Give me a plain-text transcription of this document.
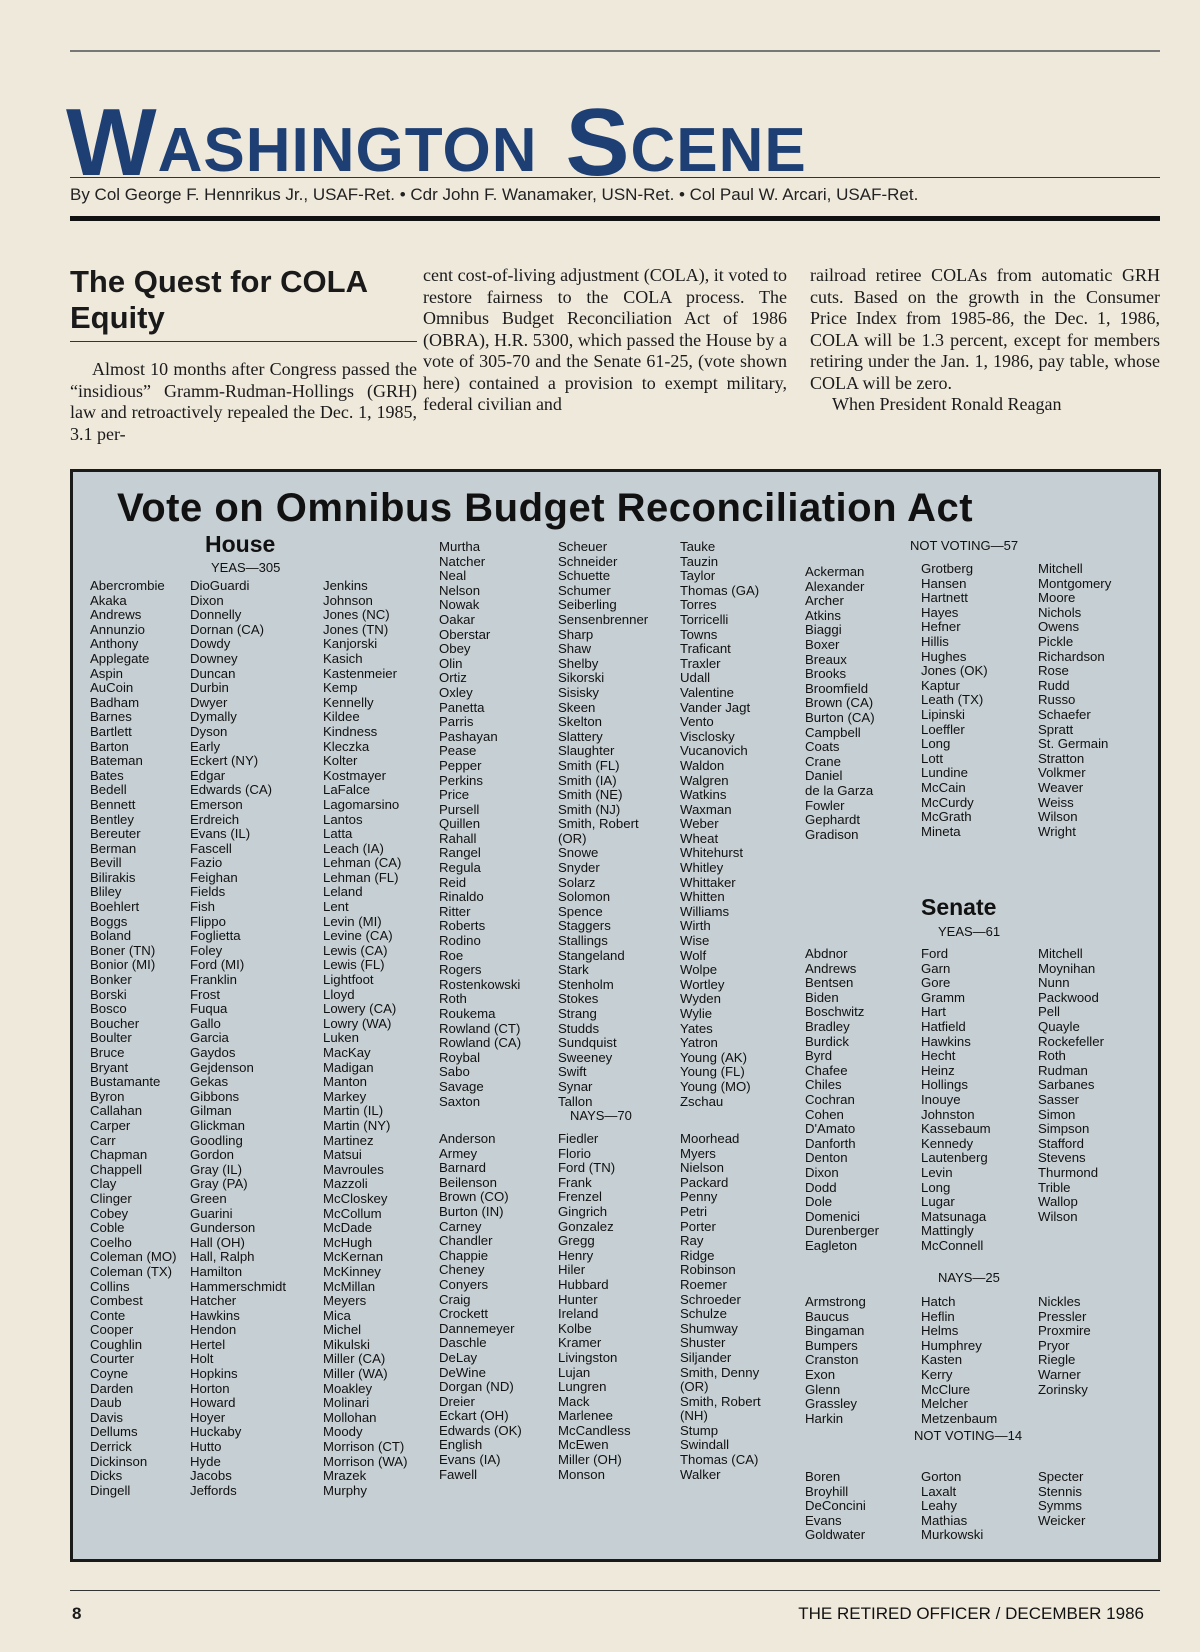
W ASHINGTON S CENE
By Col George F. Hennrikus Jr., USAF-Ret. • Cdr John F. Wanamaker, USN-Ret. • Col Paul W. Arcari, USAF-Ret.
The Quest for COLA Equity

Almost 10 months after Congress passed the “insidious” Gramm-Rudman-Hollings (GRH) law and retroactively repealed the Dec. 1, 1985, 3.1 per-

cent cost-of-living adjustment (COLA), it voted to restore fairness to the COLA process. The Omnibus Budget Reconciliation Act of 1986 (OBRA), H.R. 5300, which passed the House by a vote of 305-70 and the Senate 61-25, (vote shown here) contained a provision to exempt military, federal civilian and

railroad retiree COLAs from automatic GRH cuts. Based on the growth in the Consumer Price Index from 1985-86, the Dec. 1, 1986, COLA will be 1.3 percent, except for members retiring under the Jan. 1, 1986, pay table, whose COLA will be zero.

When President Ronald Reagan

Vote on Omnibus Budget Reconciliation Act
House
YEAS—305
Abercrombie
Akaka
Andrews
Annunzio
Anthony
Applegate
Aspin
AuCoin
Badham
Barnes
Bartlett
Barton
Bateman
Bates
Bedell
Bennett
Bentley
Bereuter
Berman
Bevill
Bilirakis
Bliley
Boehlert
Boggs
Boland
Boner (TN)
Bonior (MI)
Bonker
Borski
Bosco
Boucher
Boulter
Bruce
Bryant
Bustamante
Byron
Callahan
Carper
Carr
Chapman
Chappell
Clay
Clinger
Cobey
Coble
Coelho
Coleman (MO)
Coleman (TX)
Collins
Combest
Conte
Cooper
Coughlin
Courter
Coyne
Darden
Daub
Davis
Dellums
Derrick
Dickinson
Dicks
Dingell
DioGuardi
Dixon
Donnelly
Dornan (CA)
Dowdy
Downey
Duncan
Durbin
Dwyer
Dymally
Dyson
Early
Eckert (NY)
Edgar
Edwards (CA)
Emerson
Erdreich
Evans (IL)
Fascell
Fazio
Feighan
Fields
Fish
Flippo
Foglietta
Foley
Ford (MI)
Franklin
Frost
Fuqua
Gallo
Garcia
Gaydos
Gejdenson
Gekas
Gibbons
Gilman
Glickman
Goodling
Gordon
Gray (IL)
Gray (PA)
Green
Guarini
Gunderson
Hall (OH)
Hall, Ralph
Hamilton
Hammerschmidt
Hatcher
Hawkins
Hendon
Hertel
Holt
Hopkins
Horton
Howard
Hoyer
Huckaby
Hutto
Hyde
Jacobs
Jeffords
Jenkins
Johnson
Jones (NC)
Jones (TN)
Kanjorski
Kasich
Kastenmeier
Kemp
Kennelly
Kildee
Kindness
Kleczka
Kolter
Kostmayer
LaFalce
Lagomarsino
Lantos
Latta
Leach (IA)
Lehman (CA)
Lehman (FL)
Leland
Lent
Levin (MI)
Levine (CA)
Lewis (CA)
Lewis (FL)
Lightfoot
Lloyd
Lowery (CA)
Lowry (WA)
Luken
MacKay
Madigan
Manton
Markey
Martin (IL)
Martin (NY)
Martinez
Matsui
Mavroules
Mazzoli
McCloskey
McCollum
McDade
McHugh
McKernan
McKinney
McMillan
Meyers
Mica
Michel
Mikulski
Miller (CA)
Miller (WA)
Moakley
Molinari
Mollohan
Moody
Morrison (CT)
Morrison (WA)
Mrazek
Murphy
Murtha
Natcher
Neal
Nelson
Nowak
Oakar
Oberstar
Obey
Olin
Ortiz
Oxley
Panetta
Parris
Pashayan
Pease
Pepper
Perkins
Price
Pursell
Quillen
Rahall
Rangel
Regula
Reid
Rinaldo
Ritter
Roberts
Rodino
Roe
Rogers
Rostenkowski
Roth
Roukema
Rowland (CT)
Rowland (CA)
Roybal
Sabo
Savage
Saxton
Scheuer
Schneider
Schuette
Schumer
Seiberling
Sensenbrenner
Sharp
Shaw
Shelby
Sikorski
Sisisky
Skeen
Skelton
Slattery
Slaughter
Smith (FL)
Smith (IA)
Smith (NE)
Smith (NJ)
Smith, Robert
(OR)
Snowe
Snyder
Solarz
Solomon
Spence
Staggers
Stallings
Stangeland
Stark
Stenholm
Stokes
Strang
Studds
Sundquist
Sweeney
Swift
Synar
Tallon
Tauke
Tauzin
Taylor
Thomas (GA)
Torres
Torricelli
Towns
Traficant
Traxler
Udall
Valentine
Vander Jagt
Vento
Visclosky
Vucanovich
Waldon
Walgren
Watkins
Waxman
Weber
Wheat
Whitehurst
Whitley
Whittaker
Whitten
Williams
Wirth
Wise
Wolf
Wolpe
Wortley
Wyden
Wylie
Yates
Yatron
Young (AK)
Young (FL)
Young (MO)
Zschau
NAYS—70
Anderson
Armey
Barnard
Beilenson
Brown (CO)
Burton (IN)
Carney
Chandler
Chappie
Cheney
Conyers
Craig
Crockett
Dannemeyer
Daschle
DeLay
DeWine
Dorgan (ND)
Dreier
Eckart (OH)
Edwards (OK)
English
Evans (IA)
Fawell
Fiedler
Florio
Ford (TN)
Frank
Frenzel
Gingrich
Gonzalez
Gregg
Henry
Hiler
Hubbard
Hunter
Ireland
Kolbe
Kramer
Livingston
Lujan
Lungren
Mack
Marlenee
McCandless
McEwen
Miller (OH)
Monson
Moorhead
Myers
Nielson
Packard
Penny
Petri
Porter
Ray
Ridge
Robinson
Roemer
Schroeder
Schulze
Shumway
Shuster
Siljander
Smith, Denny
(OR)
Smith, Robert
(NH)
Stump
Swindall
Thomas (CA)
Walker
NOT VOTING—57
Ackerman
Alexander
Archer
Atkins
Biaggi
Boxer
Breaux
Brooks
Broomfield
Brown (CA)
Burton (CA)
Campbell
Coats
Crane
Daniel
de la Garza
Fowler
Gephardt
Gradison
Grotberg
Hansen
Hartnett
Hayes
Hefner
Hillis
Hughes
Jones (OK)
Kaptur
Leath (TX)
Lipinski
Loeffler
Long
Lott
Lundine
McCain
McCurdy
McGrath
Mineta
Mitchell
Montgomery
Moore
Nichols
Owens
Pickle
Richardson
Rose
Rudd
Russo
Schaefer
Spratt
St. Germain
Stratton
Volkmer
Weaver
Weiss
Wilson
Wright
Senate
YEAS—61
Abdnor
Andrews
Bentsen
Biden
Boschwitz
Bradley
Burdick
Byrd
Chafee
Chiles
Cochran
Cohen
D'Amato
Danforth
Denton
Dixon
Dodd
Dole
Domenici
Durenberger
Eagleton
Ford
Garn
Gore
Gramm
Hart
Hatfield
Hawkins
Hecht
Heinz
Hollings
Inouye
Johnston
Kassebaum
Kennedy
Lautenberg
Levin
Long
Lugar
Matsunaga
Mattingly
McConnell
Mitchell
Moynihan
Nunn
Packwood
Pell
Quayle
Rockefeller
Roth
Rudman
Sarbanes
Sasser
Simon
Simpson
Stafford
Stevens
Thurmond
Trible
Wallop
Wilson
NAYS—25
Armstrong
Baucus
Bingaman
Bumpers
Cranston
Exon
Glenn
Grassley
Harkin
Hatch
Heflin
Helms
Humphrey
Kasten
Kerry
McClure
Melcher
Metzenbaum
Nickles
Pressler
Proxmire
Pryor
Riegle
Warner
Zorinsky
NOT VOTING—14
Boren
Broyhill
DeConcini
Evans
Goldwater
Gorton
Laxalt
Leahy
Mathias
Murkowski
Specter
Stennis
Symms
Weicker
8	THE RETIRED OFFICER / DECEMBER 1986
